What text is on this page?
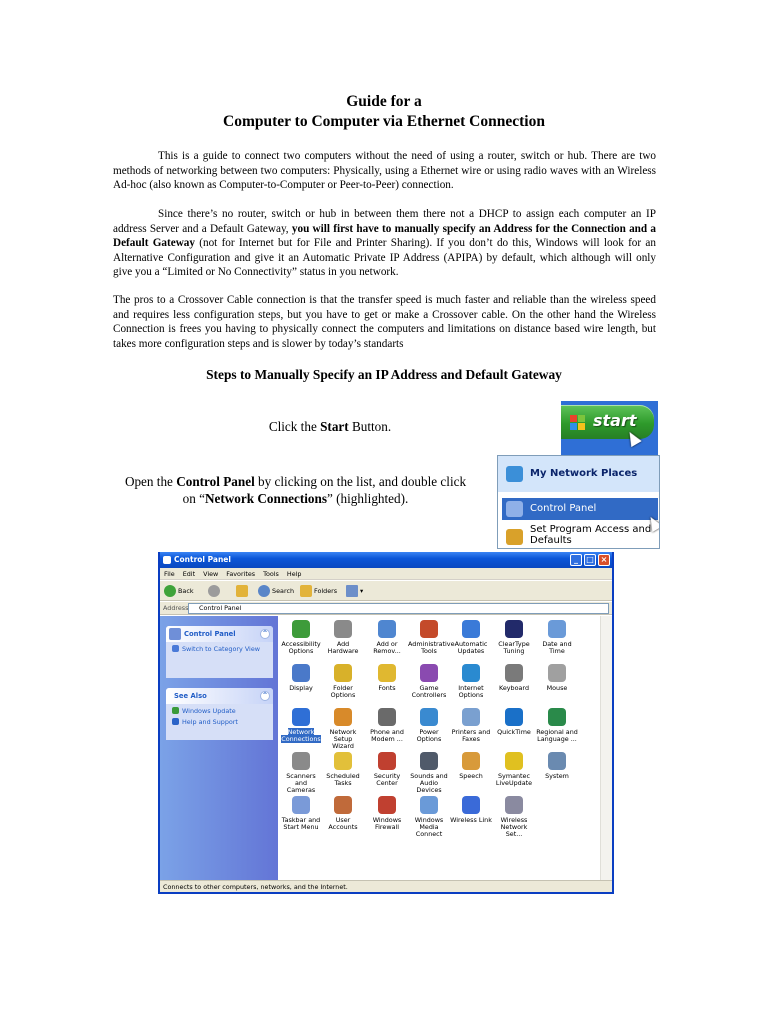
Guide for a
Computer to Computer via Ethernet Connection
This is a guide to connect two computers without the need of using a router, switch or hub. There are two methods of networking between two computers: Physically, using a Ethernet wire or using radio waves with an Wireless Ad-hoc (also known as Computer-to-Computer or Peer-to-Peer) connection.
Since there’s no router, switch or hub in between them there not a DHCP to assign each computer an IP address Server and a Default Gateway, you will first have to manually specify an Address for the Connection and a Default Gateway (not for Internet but for File and Printer Sharing). If you don’t do this, Windows will look for an Alternative Configuration and give it an Automatic Private IP Address (APIPA) by default, which although will only give you a “Limited or No Connectivity” status in you network.
The pros to a Crossover Cable connection is that the transfer speed is much faster and reliable than the wireless speed and requires less configuration steps, but you have to get or make a Crossover cable. On the other hand the Wireless Connection is frees you having to physically connect the computers and limitations on distance based wire length, but takes more configuration steps and is slower by today’s standarts
Steps to Manually Specify an IP Address and Default Gateway
Click the Start Button.
Open the Control Panel by clicking on the list, and double click on “Network Connections” (highlighted).
start
My Network Places
Control Panel
Set Program Access and Defaults
Control Panel	_	□ ×
File Edit View Favorites Tools Help
Back	Search	Folders	▾
Address	Control Panel
Control Panel	^
Switch to Category View
See Also	^
Windows Update
Help and Support
Accessibility Options
Add Hardware
Add or Remov...
Administrative Tools
Automatic Updates
ClearType Tuning
Date and Time
Display	Folder Options
Fonts	Game Controllers
Internet Options
Keyboard	Mouse
Network Connections
Network Setup Wizard
Phone and Modem ...
Power Options
Printers and Faxes
QuickTime Regional and Language ...
Scanners and Cameras
Scheduled Tasks
Security Center
Sounds and Audio Devices
Speech	Symantec LiveUpdate
System
Taskbar and Start Menu
User Accounts
Windows Firewall
Windows Media Connect
Wireless Link	Wireless Network Set...
Connects to other computers, networks, and the Internet.
